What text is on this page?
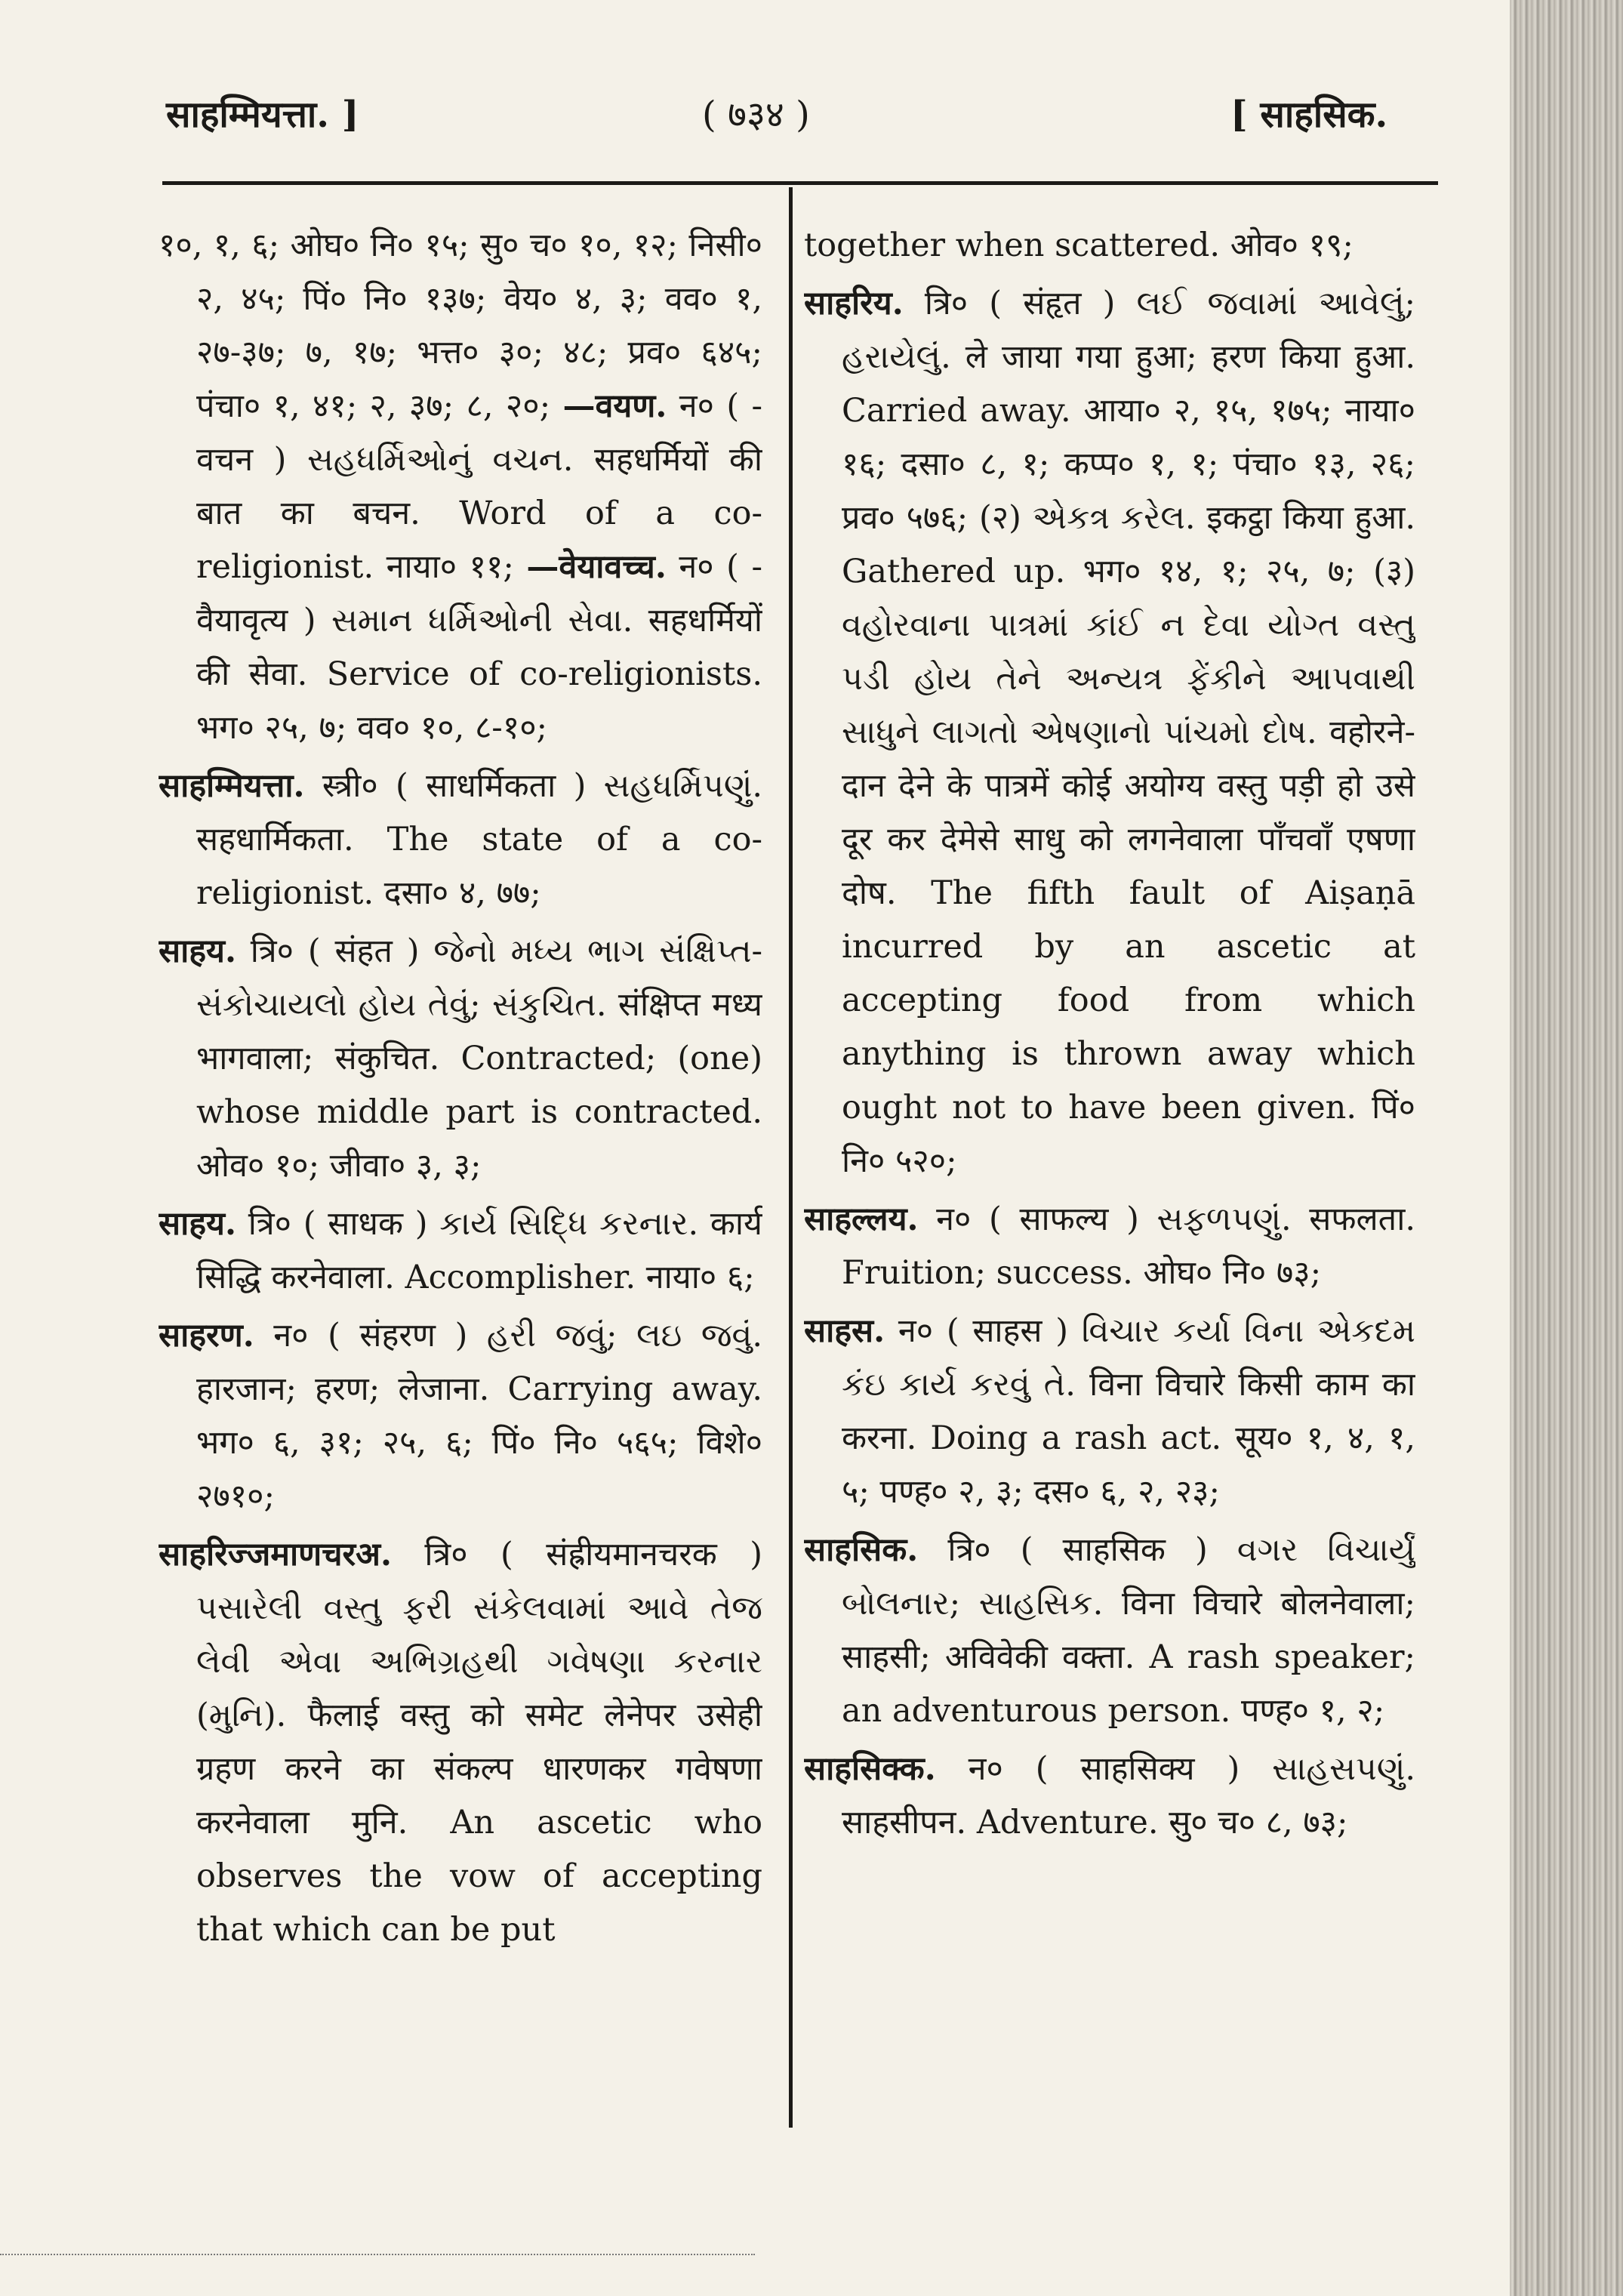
साहम्मियत्ता. ]	( ७३४ )	[ साहसिक.

१०, १, ६; ओघ० नि० १५; सु० च० १०, १२; निसी० २, ४५; पिं० नि० १३७; वेय० ४, ३; वव० १, २७-३७; ७, १७; भत्त० ३०; ४८; प्रव० ६४५; पंचा० १, ४१; २, ३७; ८, २०; —वयण. न० ( -वचन ) સહધર્મિઓનું વચન. सहधर्मियों की बात का बचन. Word of a co-religionist. नाया० ११; —वेयावच्च. न० ( -वैयावृत्य ) સમાન ધર્મિઓની સેવા. सहधर्मियों की सेवा. Service of co-religionists. भग० २५, ७; वव० १०, ८-१०;

साहम्मियत्ता. स्त्री० ( साधर्मिकता ) સહધર્મિપણું. सहधार्मिकता. The state of a co-religionist. दसा० ४, ७७;

साहय. त्रि० ( संहत ) જેનો મધ્ય ભાગ સંક્ષિપ્ત-સંકોચાયલો હોય તેવું; સંકુચિત. संक्षिप्त मध्य भागवाला; संकुचित. Contracted; (one) whose middle part is contracted. ओव० १०; जीवा० ३, ३;

साहय. त्रि० ( साधक ) કાર્ય સિદ્ધિ કરનાર. कार्य सिद्धि करनेवाला. Accomplisher. नाया० ६;

साहरण. न० ( संहरण ) હરી જવું; લઇ જવું. हारजान; हरण; लेजाना. Carrying away. भग० ६, ३१; २५, ६; पिं० नि० ५६५; विशे० २७१०;

साहरिज्जमाणचरअ. त्रि० ( संह्रीयमानचरक ) પસારેલી વસ્તુ ફરી સંકેલવામાં આવે તેજ લેવી એવા અભિગ્રહથી ગવેષણા કરનાર (મુનિ). फैलाई वस्तु को समेट लेनेपर उसेही ग्रहण करने का संकल्प धारणकर गवेषणा करनेवाला मुनि. An ascetic who observes the vow of accepting that which can be put

together when scattered. ओव० १९;

साहरिय. त्रि० ( संहृत ) લઈ જવામાં આવેલું; હરાયેલું. ले जाया गया हुआ; हरण किया हुआ. Carried away. आया० २, १५, १७५; नाया० १६; दसा० ८, १; कप्प० १, १; पंचा० १३, २६; प्रव० ५७६; (२) એકત્ર કરેલ. इकट्ठा किया हुआ. Gathered up. भग० १४, १; २५, ७; (३) વહોરવાના પાત્રમાં કાંઈ ન દેવા યોગ્ત વસ્તુ પડી હોય તેને અન્યત્ર ફેંકીને આપવાથી સાધુને લાગતો એષણાનો પાંચમો દોષ. वहोरने-दान देने के पात्रमें कोई अयोग्य वस्तु पड़ी हो उसे दूर कर देमेसे साधु को लगनेवाला पाँचवाँ एषणा दोष. The fifth fault of Aiṣaṇā incurred by an ascetic at accepting food from which anything is thrown away which ought not to have been given. पिं० नि० ५२०;

साहल्लय. न० ( साफल्य ) સફળપણું. सफलता. Fruition; success. ओघ० नि० ७३;

साहस. न० ( साहस ) વિચાર કર્યા વિના એકદમ કંઇ કાર્ય કરવું તે. विना विचारे किसी काम का करना. Doing a rash act. सूय० १, ४, १, ५; पण्ह० २, ३; दस० ६, २, २३;

साहसिक. त्रि० ( साहसिक ) વગર વિચાર્યું બોલનાર; સાહસિક. विना विचारे बोलनेवाला; साहसी; अविवेकी वक्ता. A rash speaker; an adventurous person. पण्ह० १, २;

साहसिक्क. न० ( साहसिक्य ) સાહસપણું. साहसीपन. Adventure. सु० च० ८, ७३;
